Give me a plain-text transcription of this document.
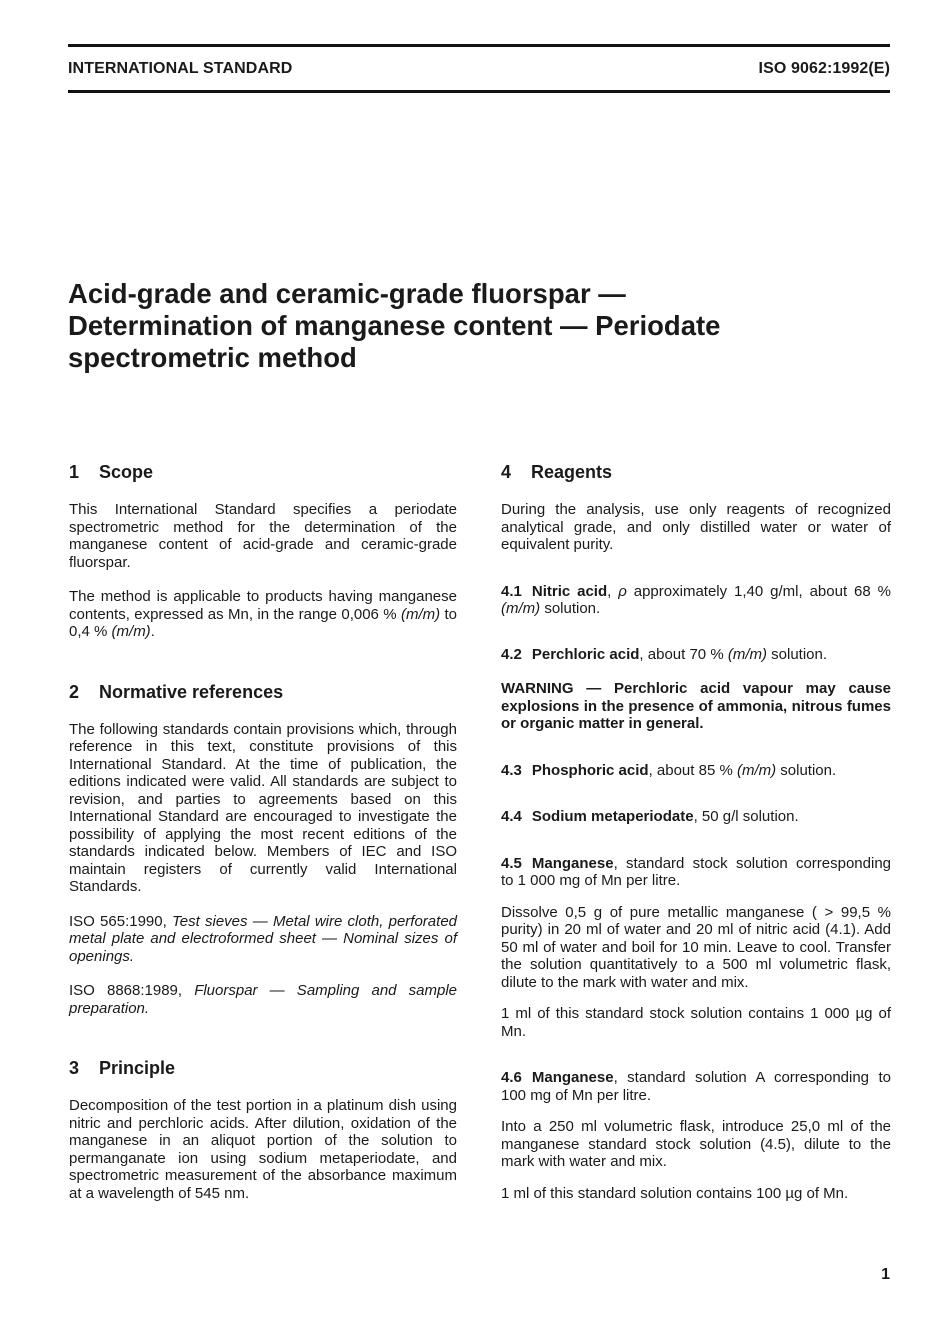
INTERNATIONAL STANDARD	ISO 9062:1992(E)
Acid-grade and ceramic-grade fluorspar —
Determination of manganese content — Periodate
spectrometric method
1 Scope

This International Standard specifies a periodate spectrometric method for the determination of the manganese content of acid-grade and ceramic-grade fluorspar.

The method is applicable to products having manganese contents, expressed as Mn, in the range 0,006 % (m/m) to 0,4 % (m/m).

2 Normative references

The following standards contain provisions which, through reference in this text, constitute provisions of this International Standard. At the time of publication, the editions indicated were valid. All standards are subject to revision, and parties to agreements based on this International Standard are encouraged to investigate the possibility of applying the most recent editions of the standards indicated below. Members of IEC and ISO maintain registers of currently valid International Standards.

ISO 565:1990, Test sieves — Metal wire cloth, perforated metal plate and electroformed sheet — Nominal sizes of openings.

ISO 8868:1989, Fluorspar — Sampling and sample preparation.

3 Principle

Decomposition of the test portion in a platinum dish using nitric and perchloric acids. After dilution, oxidation of the manganese in an aliquot portion of the solution to permanganate ion using sodium metaperiodate, and spectrometric measurement of the absorbance maximum at a wavelength of 545 nm.

4 Reagents

During the analysis, use only reagents of recognized analytical grade, and only distilled water or water of equivalent purity.

4.1 Nitric acid, ρ approximately 1,40 g/ml, about 68 % (m/m) solution.

4.2 Perchloric acid, about 70 % (m/m) solution.

WARNING — Perchloric acid vapour may cause explosions in the presence of ammonia, nitrous fumes or organic matter in general.

4.3 Phosphoric acid, about 85 % (m/m) solution.

4.4 Sodium metaperiodate, 50 g/l solution.

4.5 Manganese, standard stock solution corresponding to 1 000 mg of Mn per litre.

Dissolve 0,5 g of pure metallic manganese ( > 99,5 % purity) in 20 ml of water and 20 ml of nitric acid (4.1). Add 50 ml of water and boil for 10 min. Leave to cool. Transfer the solution quantitatively to a 500 ml volumetric flask, dilute to the mark with water and mix.

1 ml of this standard stock solution contains 1 000 µg of Mn.

4.6 Manganese, standard solution A corresponding to 100 mg of Mn per litre.

Into a 250 ml volumetric flask, introduce 25,0 ml of the manganese standard stock solution (4.5), dilute to the mark with water and mix.

1 ml of this standard solution contains 100 µg of Mn.

1
